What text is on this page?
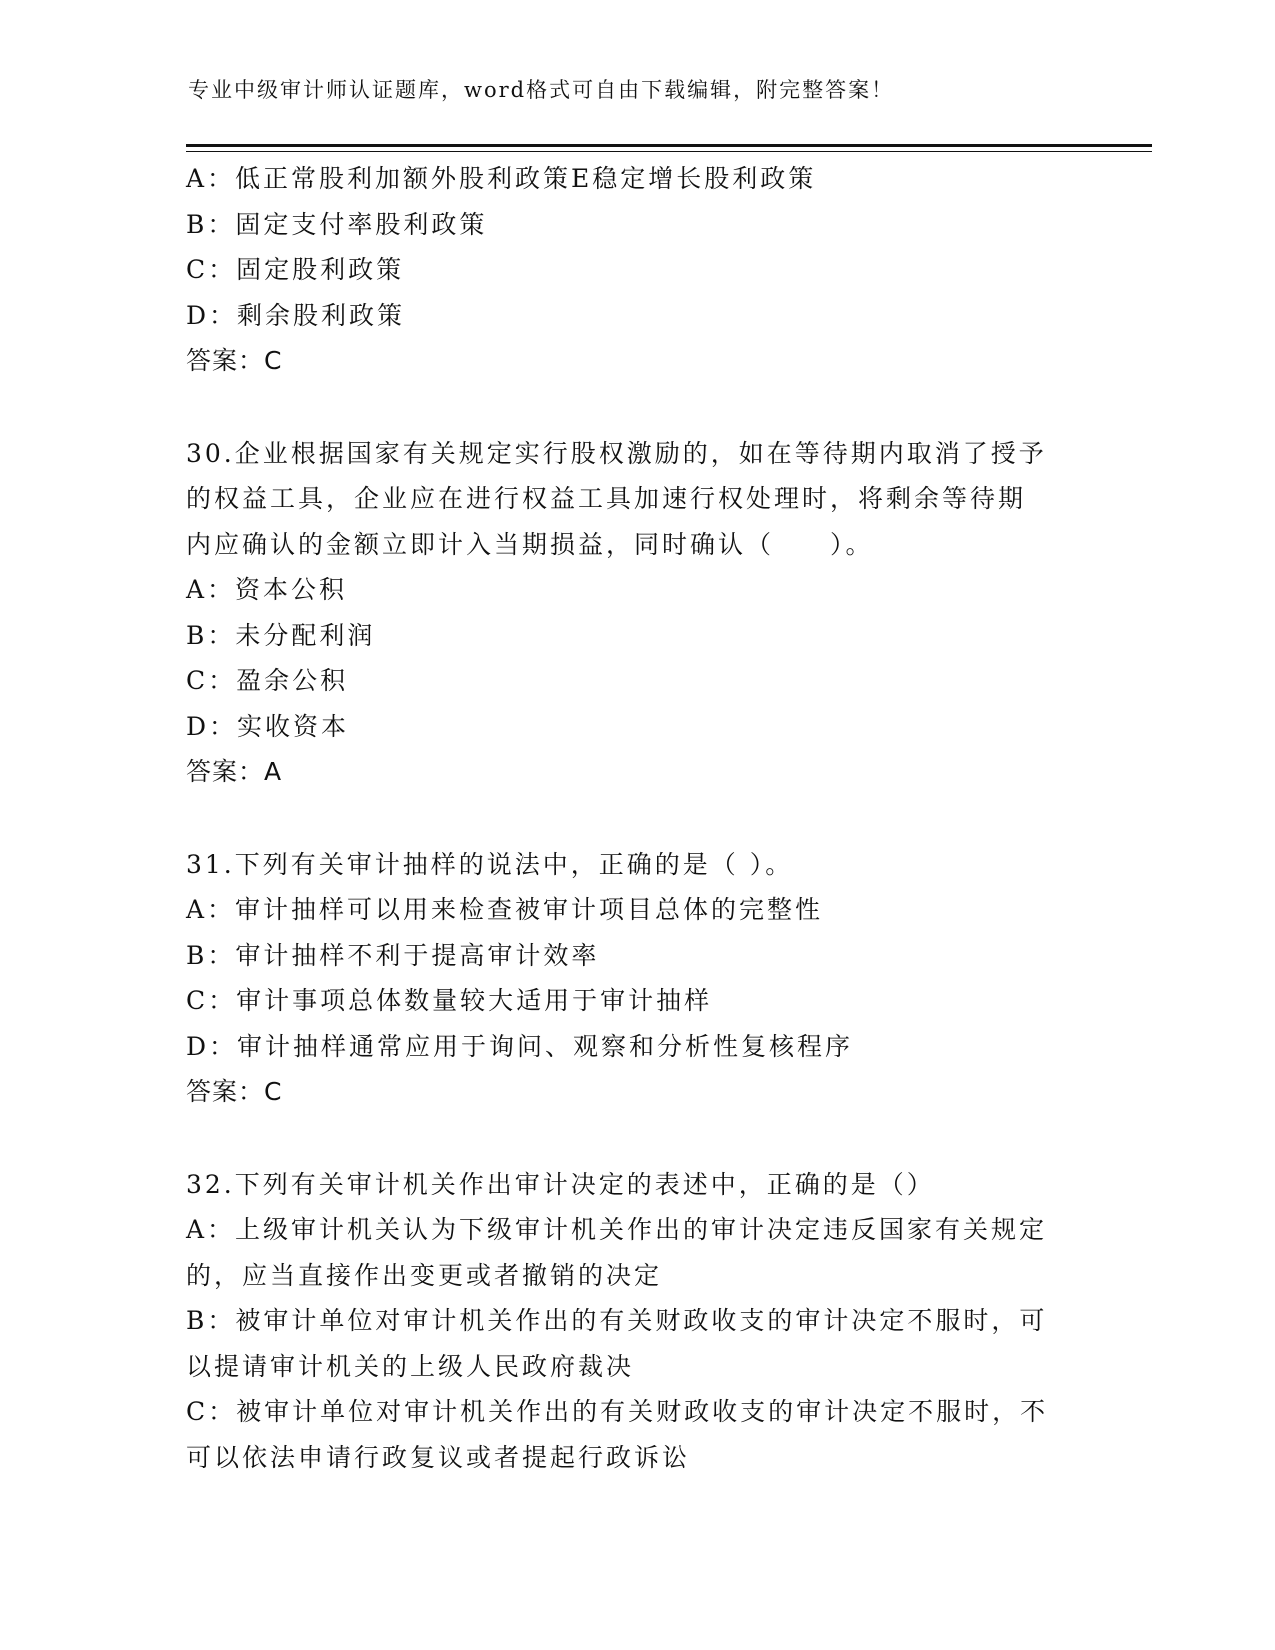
专业中级审计师认证题库，word格式可自由下载编辑，附完整答案！
A：低正常股利加额外股利政策E稳定增长股利政策
B：固定支付率股利政策
C：固定股利政策
D：剩余股利政策
答案：C
30.企业根据国家有关规定实行股权激励的，如在等待期内取消了授予
的权益工具，企业应在进行权益工具加速行权处理时，将剩余等待期
内应确认的金额立即计入当期损益，同时确认（　　）。
A：资本公积
B：未分配利润
C：盈余公积
D：实收资本
答案：A
31.下列有关审计抽样的说法中，正确的是（ ）。
A：审计抽样可以用来检查被审计项目总体的完整性
B：审计抽样不利于提高审计效率
C：审计事项总体数量较大适用于审计抽样
D：审计抽样通常应用于询问、观察和分析性复核程序
答案：C
32.下列有关审计机关作出审计决定的表述中，正确的是（）
A：上级审计机关认为下级审计机关作出的审计决定违反国家有关规定
的，应当直接作出变更或者撤销的决定
B：被审计单位对审计机关作出的有关财政收支的审计决定不服时，可
以提请审计机关的上级人民政府裁决
C：被审计单位对审计机关作出的有关财政收支的审计决定不服时，不
可以依法申请行政复议或者提起行政诉讼
